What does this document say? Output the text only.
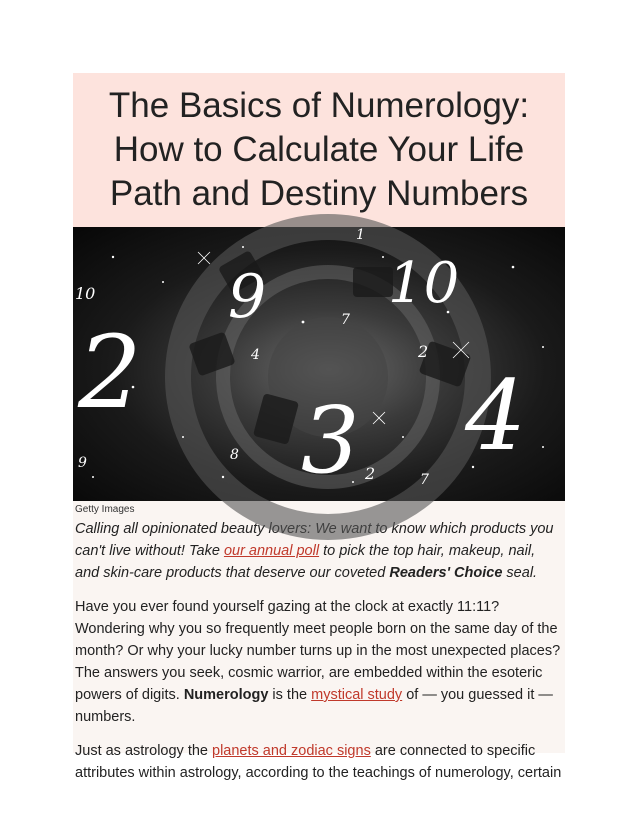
The Basics of Numerology: How to Calculate Your Life Path and Destiny Numbers
10 9
1
10
7
4	2
2
3 4
9	8
2	7
Getty Images

Calling all opinionated beauty lovers: We want to know which products you can't live without! Take our annual poll to pick the top hair, makeup, nail, and skin-care products that deserve our coveted Readers' Choice seal.

Have you ever found yourself gazing at the clock at exactly 11:11? Wondering why you so frequently meet people born on the same day of the month? Or why your lucky number turns up in the most unexpected places? The answers you seek, cosmic warrior, are embedded within the esoteric powers of digits. Numerology is the mystical study of — you guessed it — numbers.

Just as astrology the planets and zodiac signs are connected to specific attributes within astrology, according to the teachings of numerology, certain
